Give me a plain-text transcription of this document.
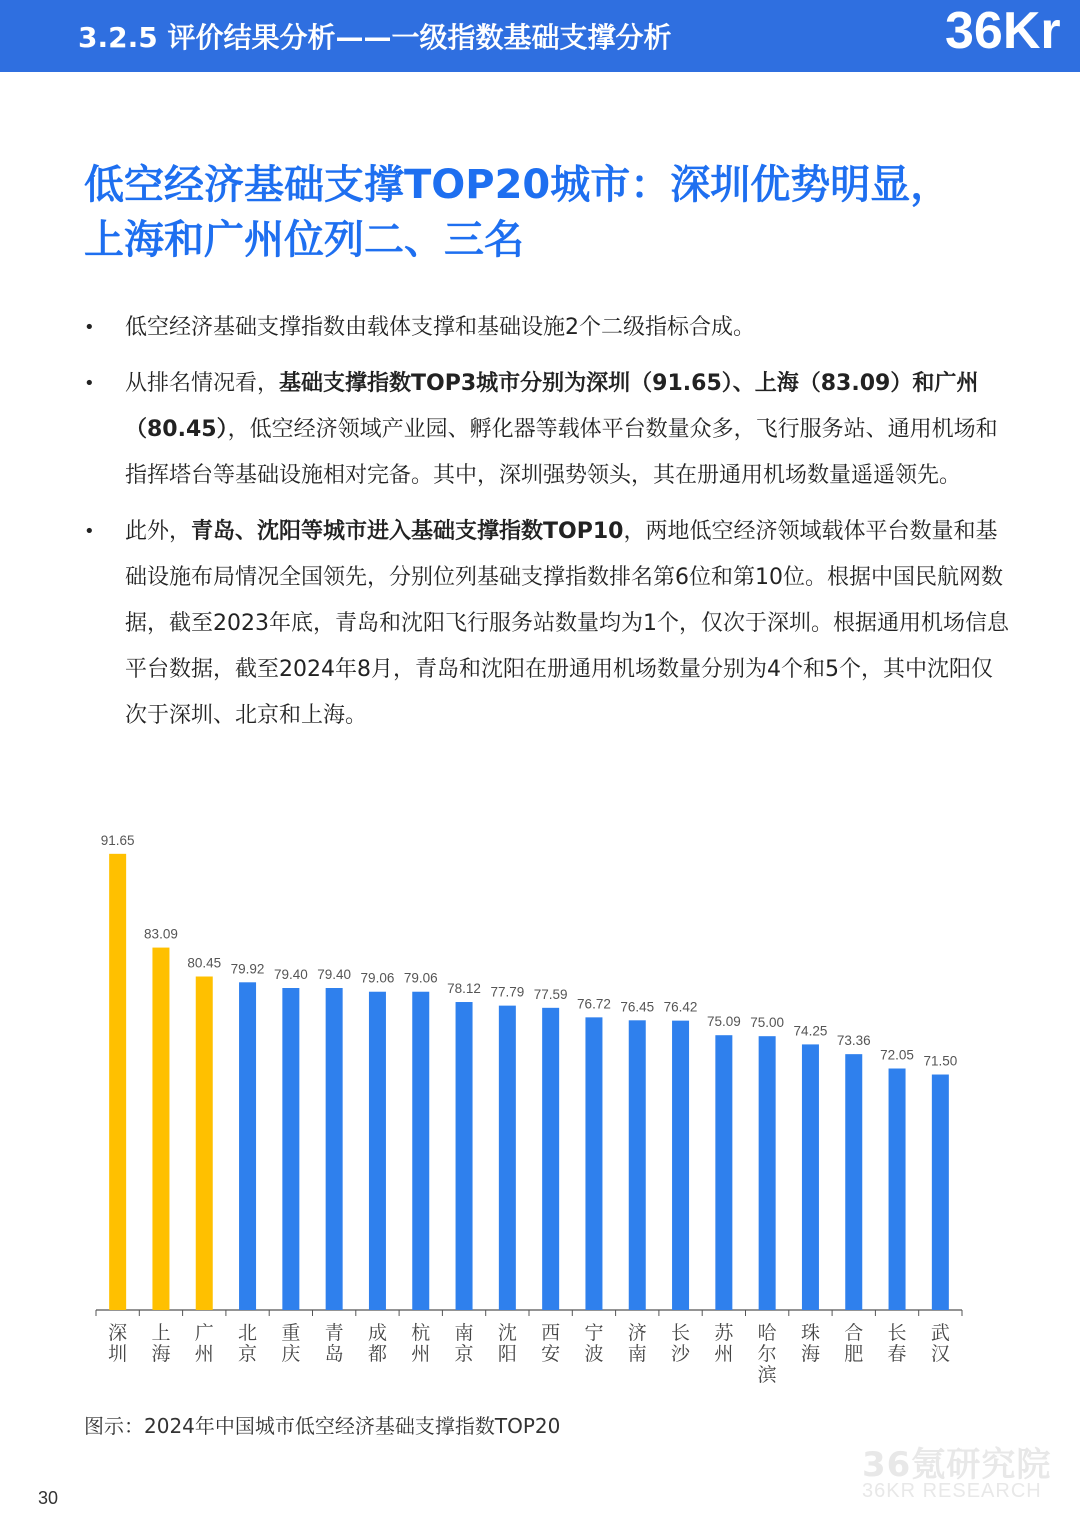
3.2.5 评价结果分析——一级指数基础支撑分析	36Kr
低空经济基础支撑TOP20城市：深圳优势明显，
上海和广州位列二、三名
• 低空经济基础支撑指数由载体支撑和基础设施2个二级指标合成。
• 从排名情况看，基础支撑指数TOP3城市分别为深圳（91.65）、上海（83.09）和广州（80.45），低空经济领域产业园、孵化器等载体平台数量众多，飞行服务站、通用机场和指挥塔台等基础设施相对完备。其中，深圳强势领头，其在册通用机场数量遥遥领先。
• 此外，青岛、沈阳等城市进入基础支撑指数TOP10，两地低空经济领域载体平台数量和基础设施布局情况全国领先，分别位列基础支撑指数排名第6位和第10位。根据中国民航网数据，截至2023年底，青岛和沈阳飞行服务站数量均为1个，仅次于深圳。根据通用机场信息平台数据，截至2024年8月，青岛和沈阳在册通用机场数量分别为4个和5个，其中沈阳仅次于深圳、北京和上海。
91.65
深圳
83.09
上海
80.45
广州
79.92
北京
79.40
重庆
79.40
青岛
79.06
成都
79.06
杭州
78.12
南京
77.79
沈阳
77.59
西安
76.72
宁波
76.45
济南
76.42
长沙
75.09
苏州
75.00
哈尔滨
74.25
珠海
73.36
合肥
72.05
长春
71.50
武汉
图示：2024年中国城市低空经济基础支撑指数TOP20
36氪研究院
36KR RESEARCH
30
